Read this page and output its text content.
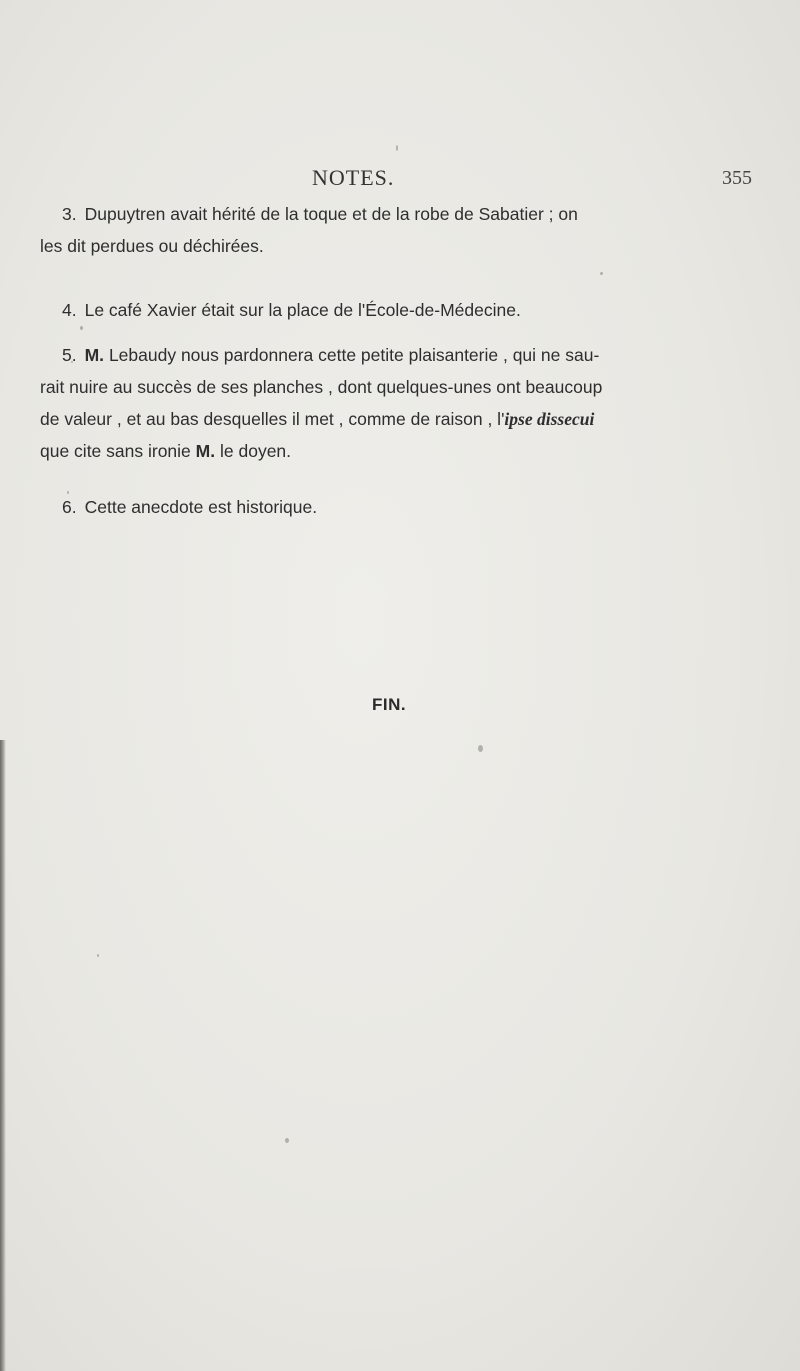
NOTES.	355
3. Dupuytren avait hérité de la toque et de la robe de Sabatier ; on
les dit perdues ou déchirées.
4. Le café Xavier était sur la place de l'École-de-Médecine.
5. M. Lebaudy nous pardonnera cette petite plaisanterie , qui ne sau-
rait nuire au succès de ses planches , dont quelques-unes ont beaucoup
de valeur , et au bas desquelles il met , comme de raison , l'ipse dissecui
que cite sans ironie M. le doyen.
6. Cette anecdote est historique.
FIN.
